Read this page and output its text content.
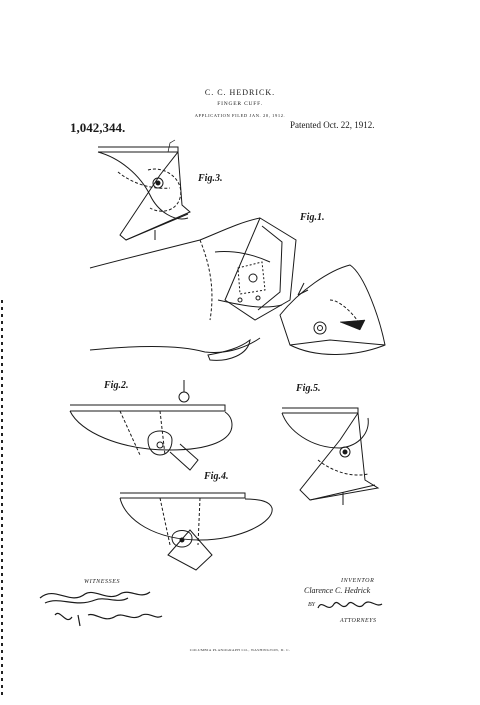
C. C. HEDRICK.
FINGER CUFF.
APPLICATION FILED JAN. 20, 1912.
1,042,344.	Patented Oct. 22, 1912.
Fig.3.
Fig.1.
Fig.2.	Fig.5.
Fig.4.
WITNESSES	INVENTOR
Clarence C. Hedrick
BY
ATTORNEYS
COLUMBIA PLANOGRAPH CO., WASHINGTON, D. C.
